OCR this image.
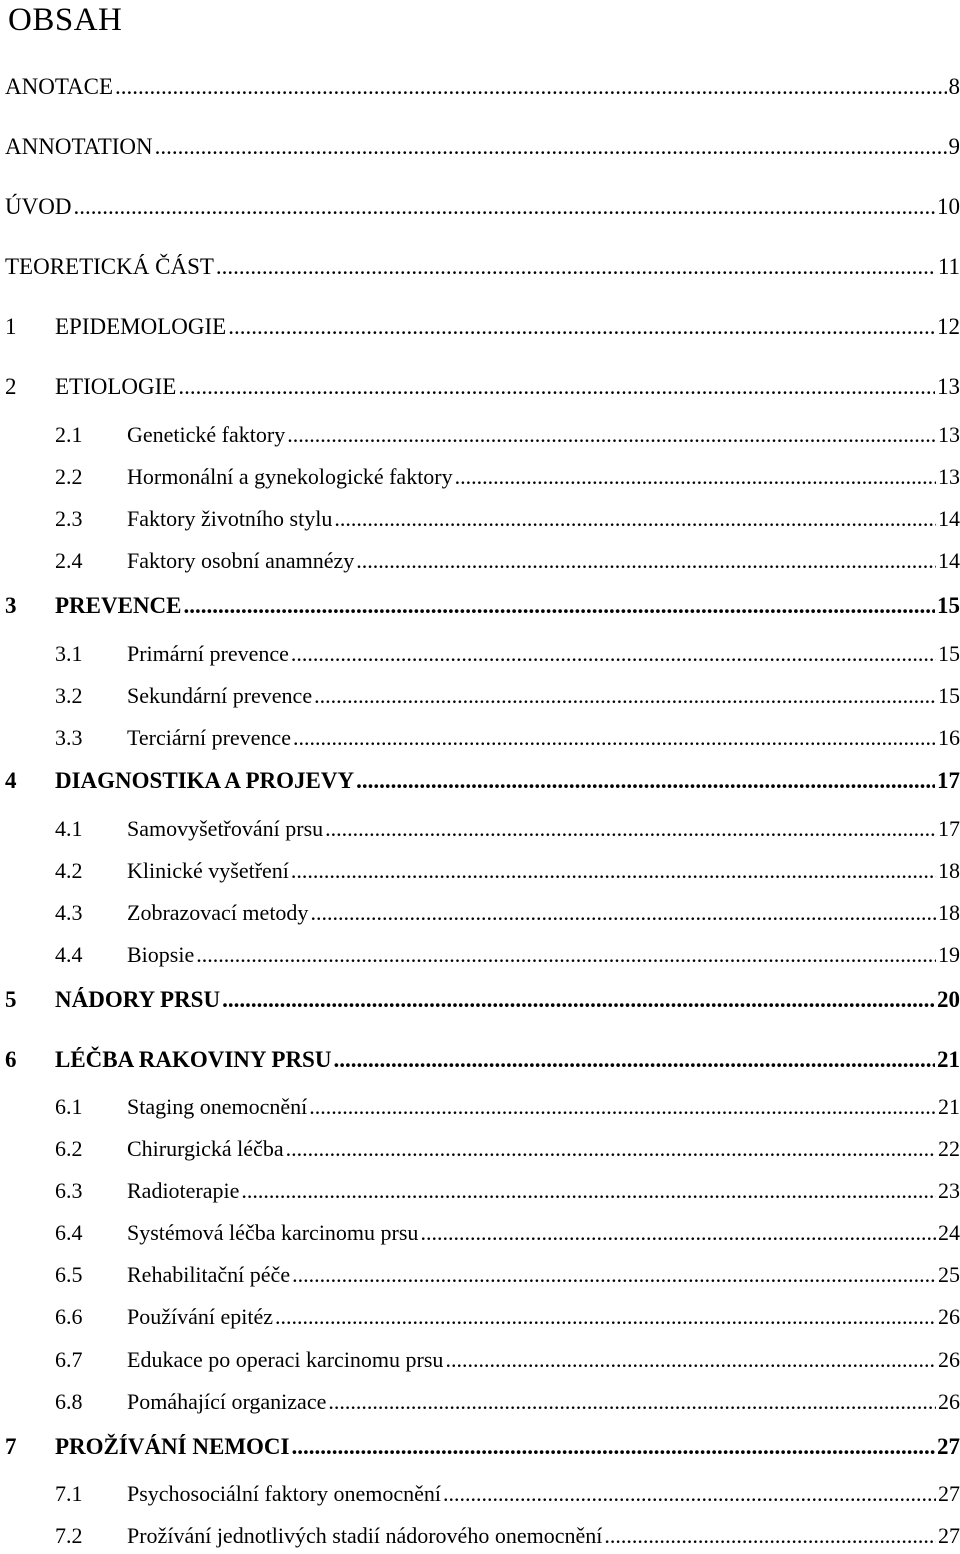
OBSAH
.....
ANOTACE	8
.....
ANNOTATION	9
.....
ÚVOD	10
.....
TEORETICKÁ ČÁST	11
.....
1 EPIDEMOLOGIE	12
.....
2 ETIOLOGIE	13
.....
2.1 Genetické faktory	13
.....
2.2 Hormonální a gynekologické faktory	13
.....
2.3 Faktory životního stylu	14
.....
2.4 Faktory osobní anamnézy	14
.....
3 PREVENCE	15
.....
3.1 Primární prevence	15
.....
3.2 Sekundární prevence	15
.....
3.3 Terciární prevence	16
.....
4 DIAGNOSTIKA A PROJEVY	17
.....
4.1 Samovyšetřování prsu	17
.....
4.2 Klinické vyšetření	18
.....
4.3 Zobrazovací metody	18
.....
4.4 Biopsie	19
.....
5 NÁDORY PRSU	20
.....
6 LÉČBA RAKOVINY PRSU	21
.....
6.1 Staging onemocnění	21
.....
6.2 Chirurgická léčba	22
.....
6.3 Radioterapie	23
.....
6.4 Systémová léčba karcinomu prsu	24
.....
6.5 Rehabilitační péče	25
.....
6.6 Používání epitéz	26
.....
6.7 Edukace po operaci karcinomu prsu	26
.....
6.8 Pomáhající organizace	26
.....
7 PROŽÍVÁNÍ NEMOCI	27
.....
7.1 Psychosociální faktory onemocnění	27
.....
7.2 Prožívání jednotlivých stadií nádorového onemocnění	27
